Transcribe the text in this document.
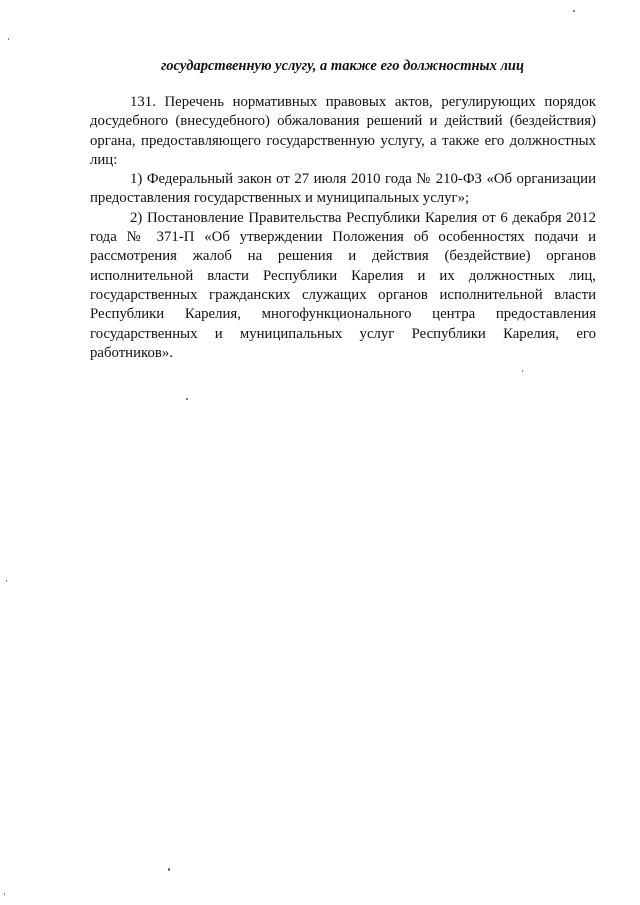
государственную услугу, а также его должностных лиц

131. Перечень нормативных правовых актов, регулирующих порядок досудебного (внесудебного) обжалования решений и действий (бездействия) органа, предоставляющего государственную услугу, а также его должностных лиц:

1) Федеральный закон от 27 июля 2010 года № 210-ФЗ «Об организации предоставления государственных и муниципальных услуг»;

2) Постановление Правительства Республики Карелия от 6 декабря 2012 года № 371-П «Об утверждении Положения об особенностях подачи и рассмотрения жалоб на решения и действия (бездействие) органов исполнительной власти Республики Карелия и их должностных лиц, государственных гражданских служащих органов исполнительной власти Республики Карелия, многофункционального центра предоставления государственных и муниципальных услуг Республики Карелия, его работников».
